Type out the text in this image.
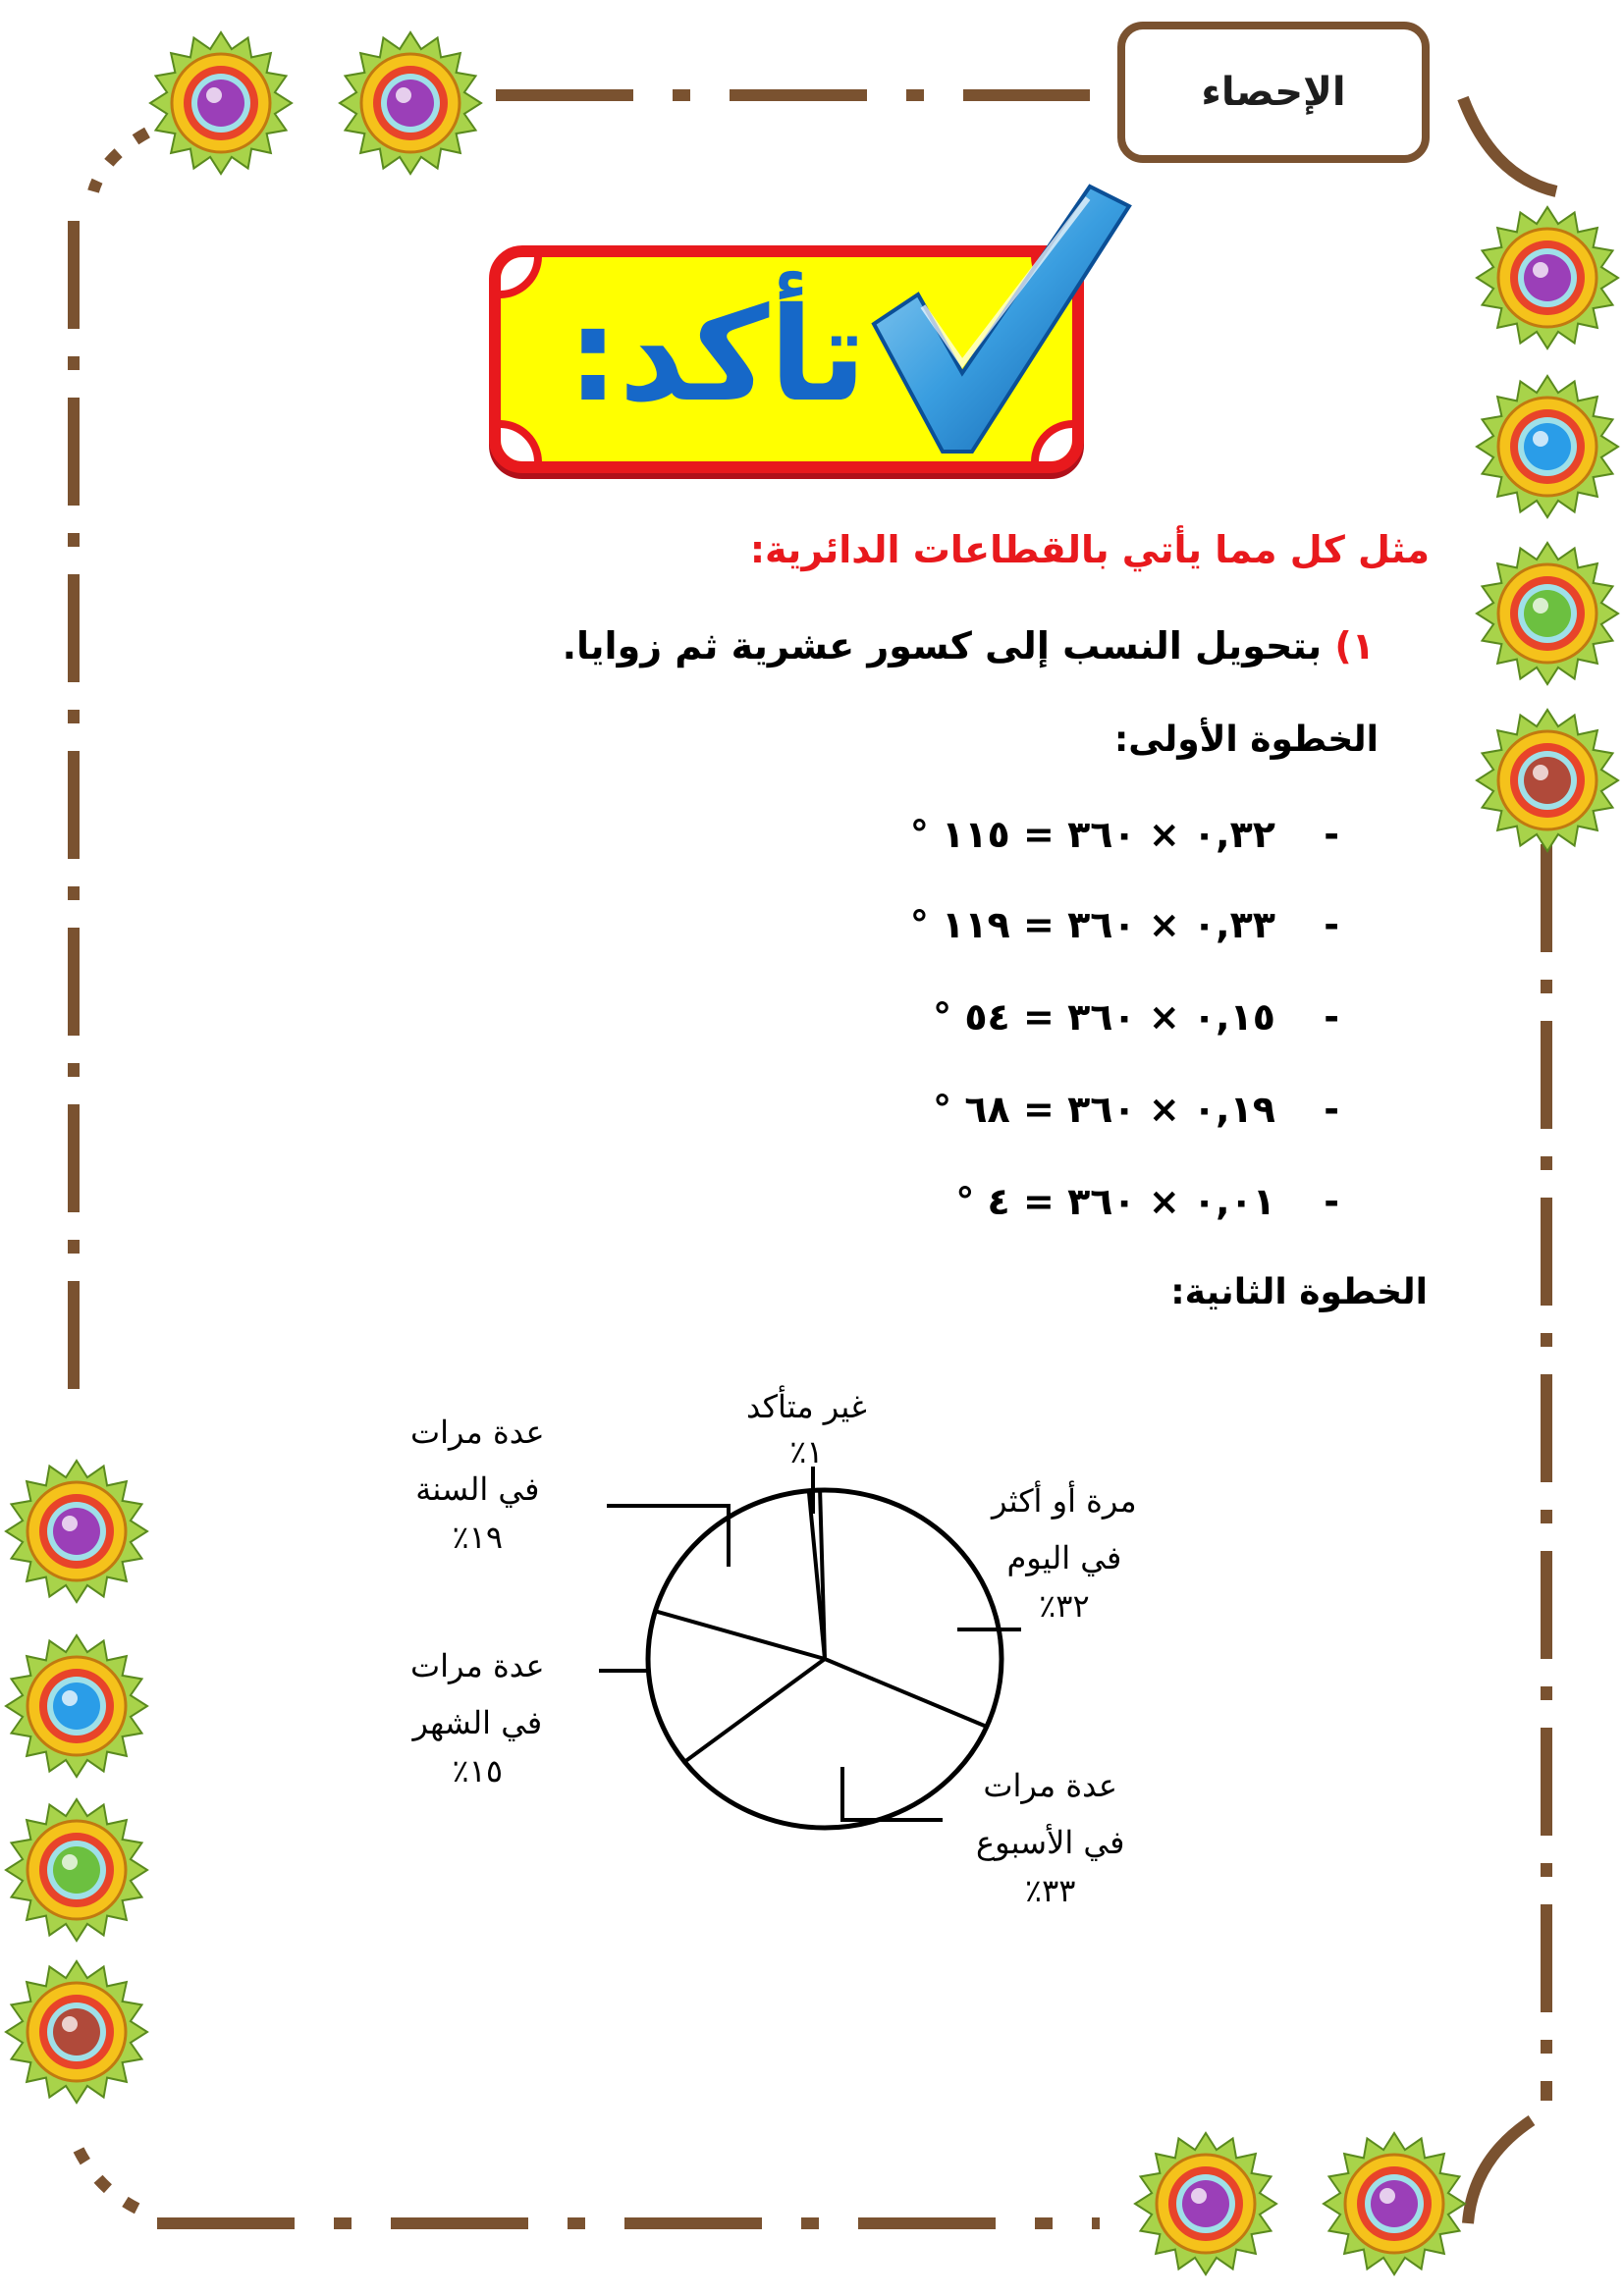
الإحصاء
تأكد:
مثل كل مما يأتي بالقطاعات الدائرية:
١) بتحويل النسب إلى كسور عشرية ثم زوايا.
الخطوة الأولى:
- ٠,٣٢ × ٣٦٠ = ١١٥ °
- ٠,٣٣ × ٣٦٠ = ١١٩ °
- ٠,١٥ × ٣٦٠ = ٥٤ °
- ٠,١٩ × ٣٦٠ = ٦٨ °
- ٠,٠١ × ٣٦٠ = ٤ °
الخطوة الثانية:
غير متأكد
١٪
مرة أو أكثر
في اليوم
٣٢٪
عدة مرات
في الأسبوع
٣٣٪
عدة مرات
في الشهر
١٥٪
عدة مرات
في السنة
١٩٪
